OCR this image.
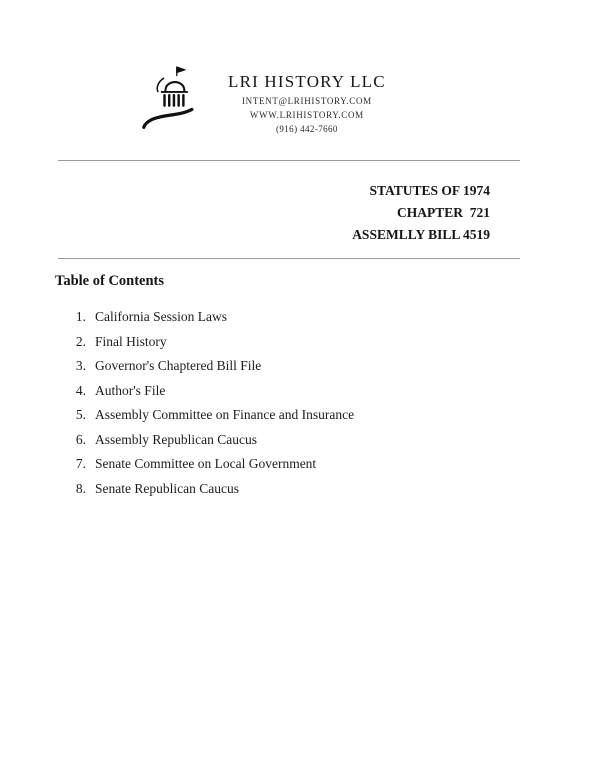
LRI HISTORY LLC
INTENT@LRIHISTORY.COM
WWW.LRIHISTORY.COM
(916) 442-7660
STATUTES OF 1974
CHAPTER  721
ASSEMLLY BILL 4519
Table of Contents
1. California Session Laws
2. Final History
3. Governor's Chaptered Bill File
4. Author's File
5. Assembly Committee on Finance and Insurance
6. Assembly Republican Caucus
7. Senate Committee on Local Government
8. Senate Republican Caucus
